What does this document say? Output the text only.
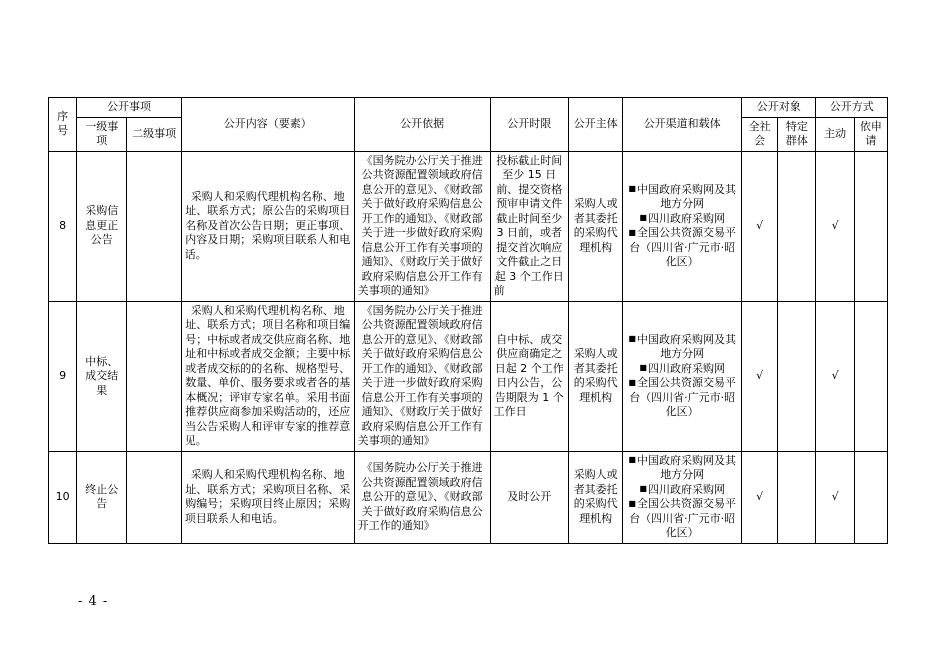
序号	公开事项		公开内容（要素）	公开依据	公开时限	公开主体	公开渠道和载体	公开对象		公开方式	
	一级事项	二级事项						全社会	特定群体	主动	依申请
8	采购信息更正公告		采购人和采购代理机构名称、地址、联系方式；原公告的采购项目名称及首次公告日期；更正事项、内容及日期；采购项目联系人和电话。	《国务院办公厅关于推进公共资源配置领域政府信息公开的意见》、《财政部关于做好政府采购信息公开工作的通知》、《财政部关于进一步做好政府采购信息公开工作有关事项的通知》、《财政厅关于做好政府采购信息公开工作有关事项的通知》	投标截止时间至少 15 日前、提交资格预审申请文件截止时间至少 3 日前，或者提交首次响应文件截止之日起 3 个工作日前	采购人或者其委托的采购代理机构	■中国政府采购网及其地方分网
■四川政府采购网
■全国公共资源交易平台（四川省·广元市·昭化区）	√		√	
9	中标、成交结果		采购人和采购代理机构名称、地址、联系方式；项目名称和项目编号；中标或者成交供应商名称、地址和中标或者成交金额；主要中标或者成交标的的名称、规格型号、数量、单价、服务要求或者各的基本概况；评审专家名单。采用书面推荐供应商参加采购活动的，还应当公告采购人和评审专家的推荐意见。	《国务院办公厅关于推进公共资源配置领域政府信息公开的意见》、《财政部关于做好政府采购信息公开工作的通知》、《财政部关于进一步做好政府采购信息公开工作有关事项的通知》、《财政厅关于做好政府采购信息公开工作有关事项的通知》	自中标、成交供应商确定之日起 2 个工作日内公告，公告期限为 1 个工作日	采购人或者其委托的采购代理机构	■中国政府采购网及其地方分网
■四川政府采购网
■全国公共资源交易平台（四川省·广元市·昭化区）	√		√	
10	终止公告		采购人和采购代理机构名称、地址、联系方式；采购项目名称、采购编号；采购项目终止原因；采购项目联系人和电话。	《国务院办公厅关于推进公共资源配置领域政府信息公开的意见》、《财政部关于做好政府采购信息公开工作的通知》	及时公开	采购人或者其委托的采购代理机构	■中国政府采购网及其地方分网
■四川政府采购网
■全国公共资源交易平台（四川省·广元市·昭化区）	√		√	
- 4 -
